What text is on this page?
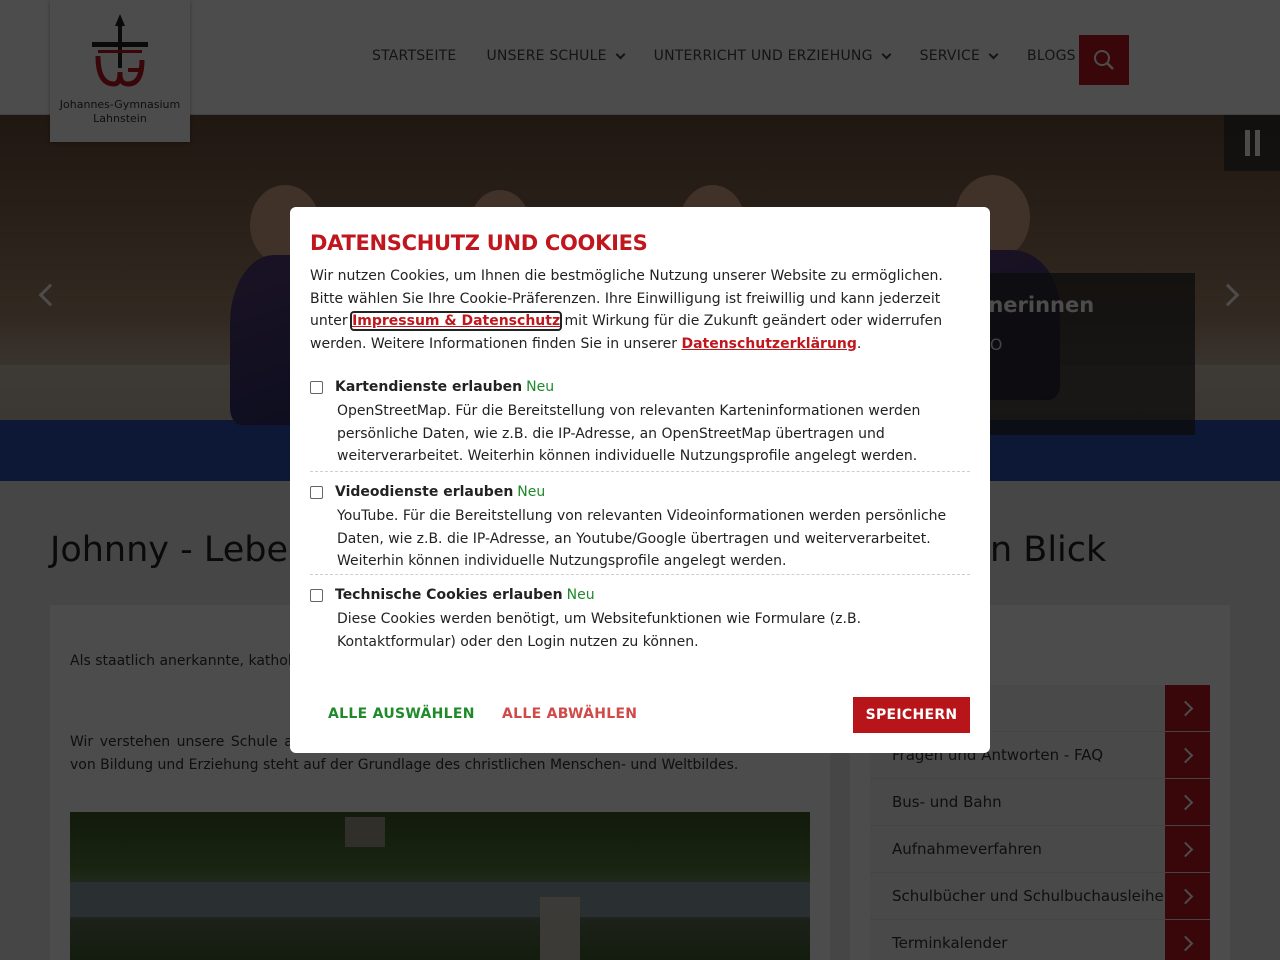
DATENSCHUTZ UND COOKIES
Wir nutzen Cookies, um Ihnen die bestmögliche Nutzung unserer Website zu ermöglichen. Bitte wählen Sie Ihre Cookie-Präferenzen. Ihre Einwilligung ist freiwillig und kann jederzeit unter Impressum & Datenschutz mit Wirkung für die Zukunft geändert oder widerrufen werden. Weitere Informationen finden Sie in unserer Datenschutzerklärung.
Kartendienste erlauben Neu
OpenStreetMap. Für die Bereitstellung von relevanten Karteninformationen werden persönliche Daten, wie z.B. die IP-Adresse, an OpenStreetMap übertragen und weiterverarbeitet. Weiterhin können individuelle Nutzungsprofile angelegt werden.
Videodienste erlauben Neu
YouTube. Für die Bereitstellung von relevanten Videoinformationen werden persönliche Daten, wie z.B. die IP-Adresse, an Youtube/Google übertragen und weiterverarbeitet. Weiterhin können individuelle Nutzungsprofile angelegt werden.
Technische Cookies erlauben Neu
Diese Cookies werden benötigt, um Websitefunktionen wie Formulare (z.B. Kontaktformular) oder den Login nutzen zu können.
ALLE AUSWÄHLEN ALLE ABWÄHLEN	SPEICHERN
